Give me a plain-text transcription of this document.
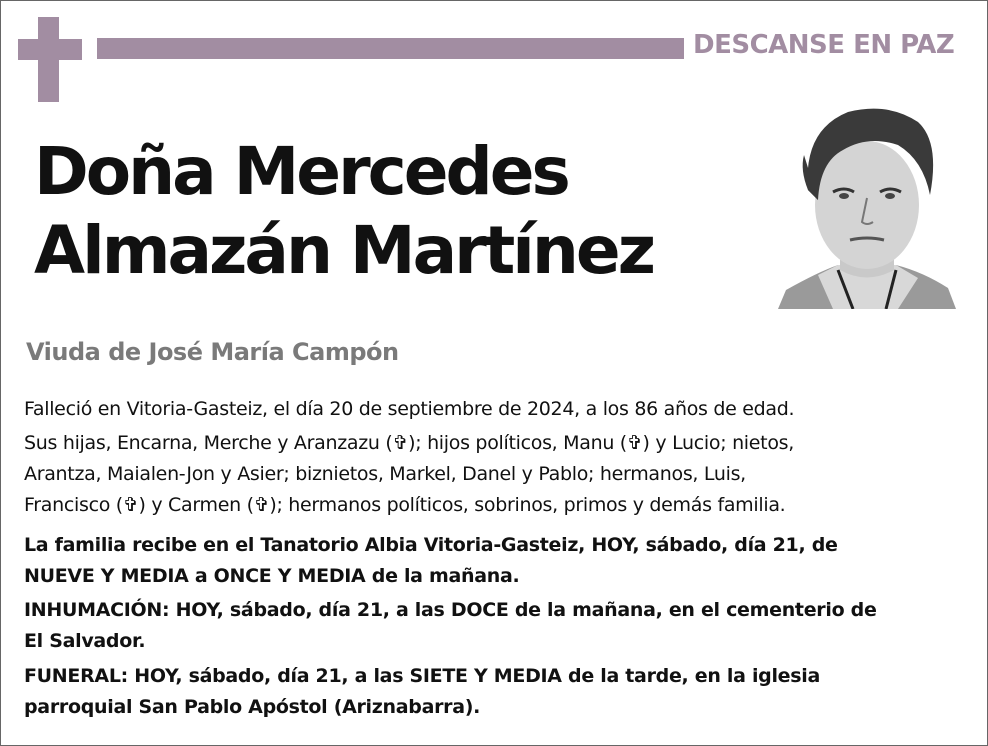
DESCANSE EN PAZ
Doña Mercedes
Almazán Martínez
Viuda de José María Campón
Falleció en Vitoria-Gasteiz, el día 20 de septiembre de 2024, a los 86 años de edad.
Sus hijas, Encarna, Merche y Aranzazu (✞); hijos políticos, Manu (✞) y Lucio; nietos,
Arantza, Maialen-Jon y Asier; biznietos, Markel, Danel y Pablo; hermanos, Luis,
Francisco (✞) y Carmen (✞); hermanos políticos, sobrinos, primos y demás familia.
La familia recibe en el Tanatorio Albia Vitoria-Gasteiz, HOY, sábado, día 21, de
NUEVE Y MEDIA a ONCE Y MEDIA de la mañana.
INHUMACIÓN: HOY, sábado, día 21, a las DOCE de la mañana, en el cementerio de
El Salvador.
FUNERAL: HOY, sábado, día 21, a las SIETE Y MEDIA de la tarde, en la iglesia
parroquial San Pablo Apóstol (Ariznabarra).
